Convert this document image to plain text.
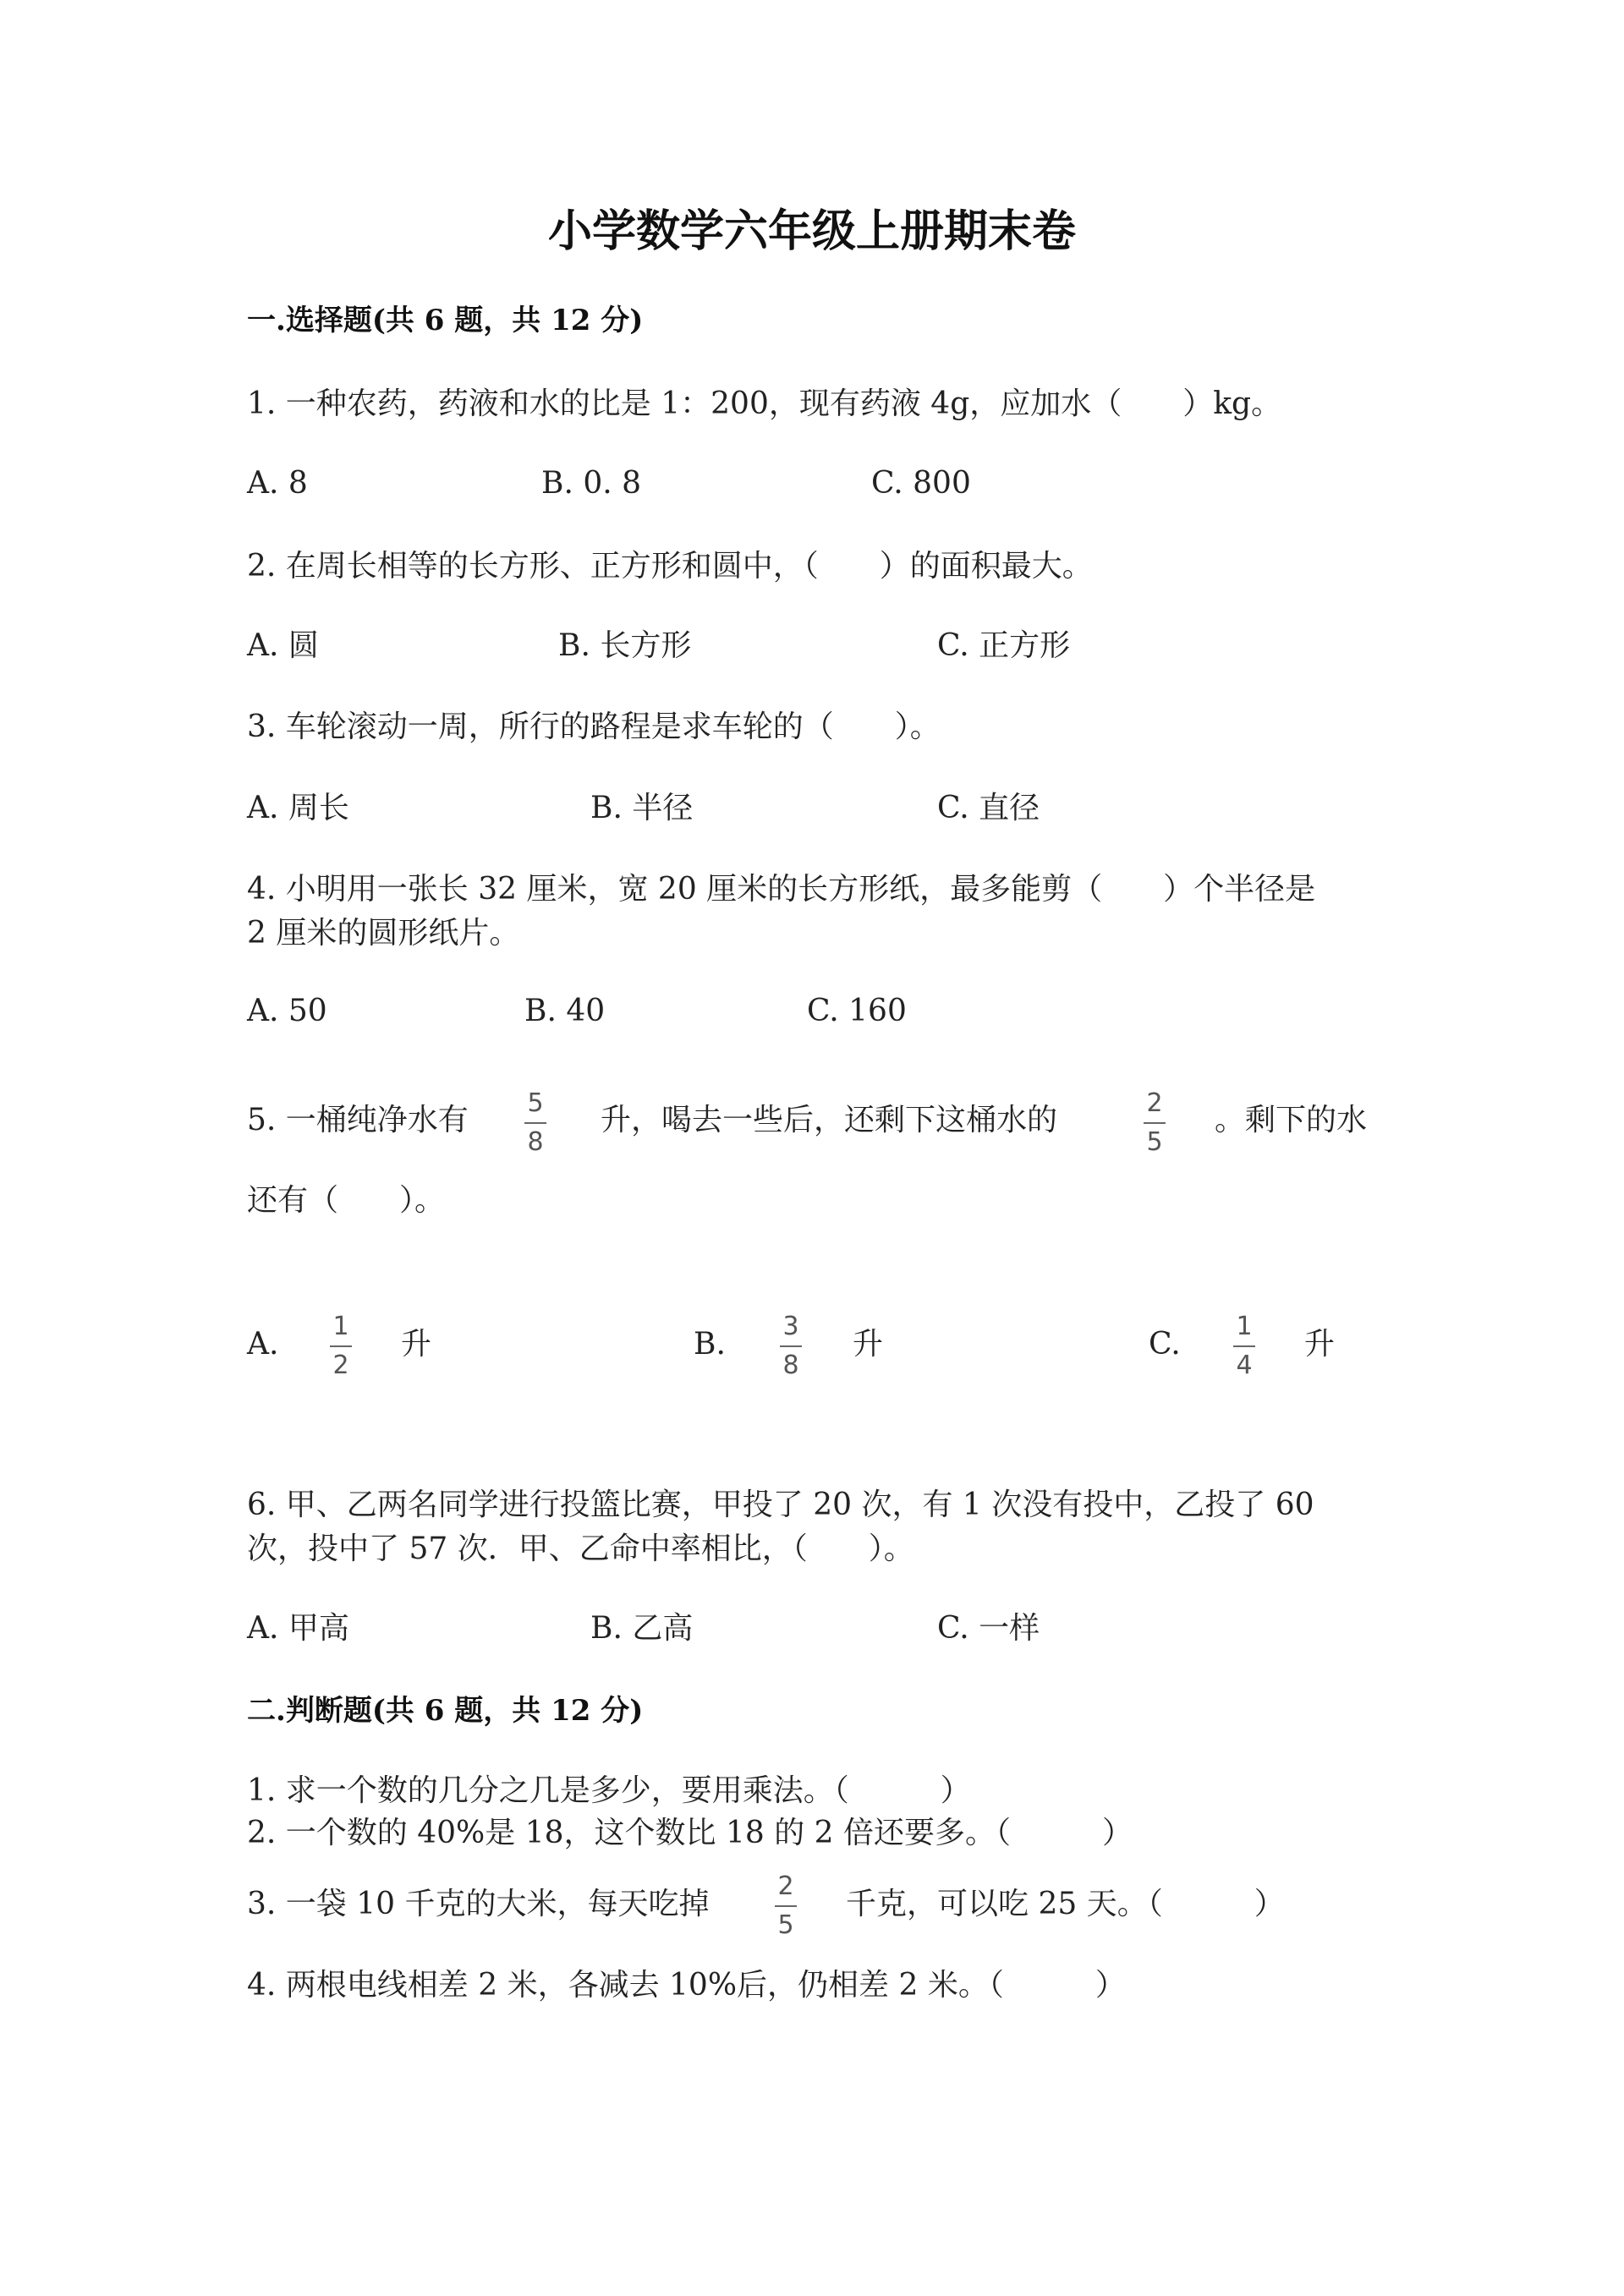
小学数学六年级上册期末卷
一.选择题(共 6 题，共 12 分)
1. 一种农药，药液和水的比是 1：200，现有药液 4g，应加水（　　）kg。
A. 8	B. 0. 8	C. 800
2. 在周长相等的长方形、正方形和圆中，（　　）的面积最大。
A. 圆	B. 长方形	C. 正方形
3. 车轮滚动一周，所行的路程是求车轮的（　　）。
A. 周长	B. 半径	C. 直径
4. 小明用一张长 32 厘米，宽 20 厘米的长方形纸，最多能剪（　　）个半径是
2 厘米的圆形纸片。
A. 50	B. 40	C. 160
5. 一桶纯净水有 5
8
升，喝去一些后，还剩下这桶水的	2
5
。剩下的水
还有（　　）。
A.
1
2
升	B.
3
8
升	C.
1
4
升
6. 甲、乙两名同学进行投篮比赛，甲投了 20 次，有 1 次没有投中，乙投了 60
次，投中了 57 次．甲、乙命中率相比，（　　）。
A. 甲高	B. 乙高	C. 一样
二.判断题(共 6 题，共 12 分)
1. 求一个数的几分之几是多少，要用乘法。（　　　）
2. 一个数的 40%是 18，这个数比 18 的 2 倍还要多。（　　　）
3. 一袋 10 千克的大米，每天吃掉
2
5
千克，可以吃 25 天。（　　　）
4. 两根电线相差 2 米，各减去 10%后，仍相差 2 米。（　　　）
